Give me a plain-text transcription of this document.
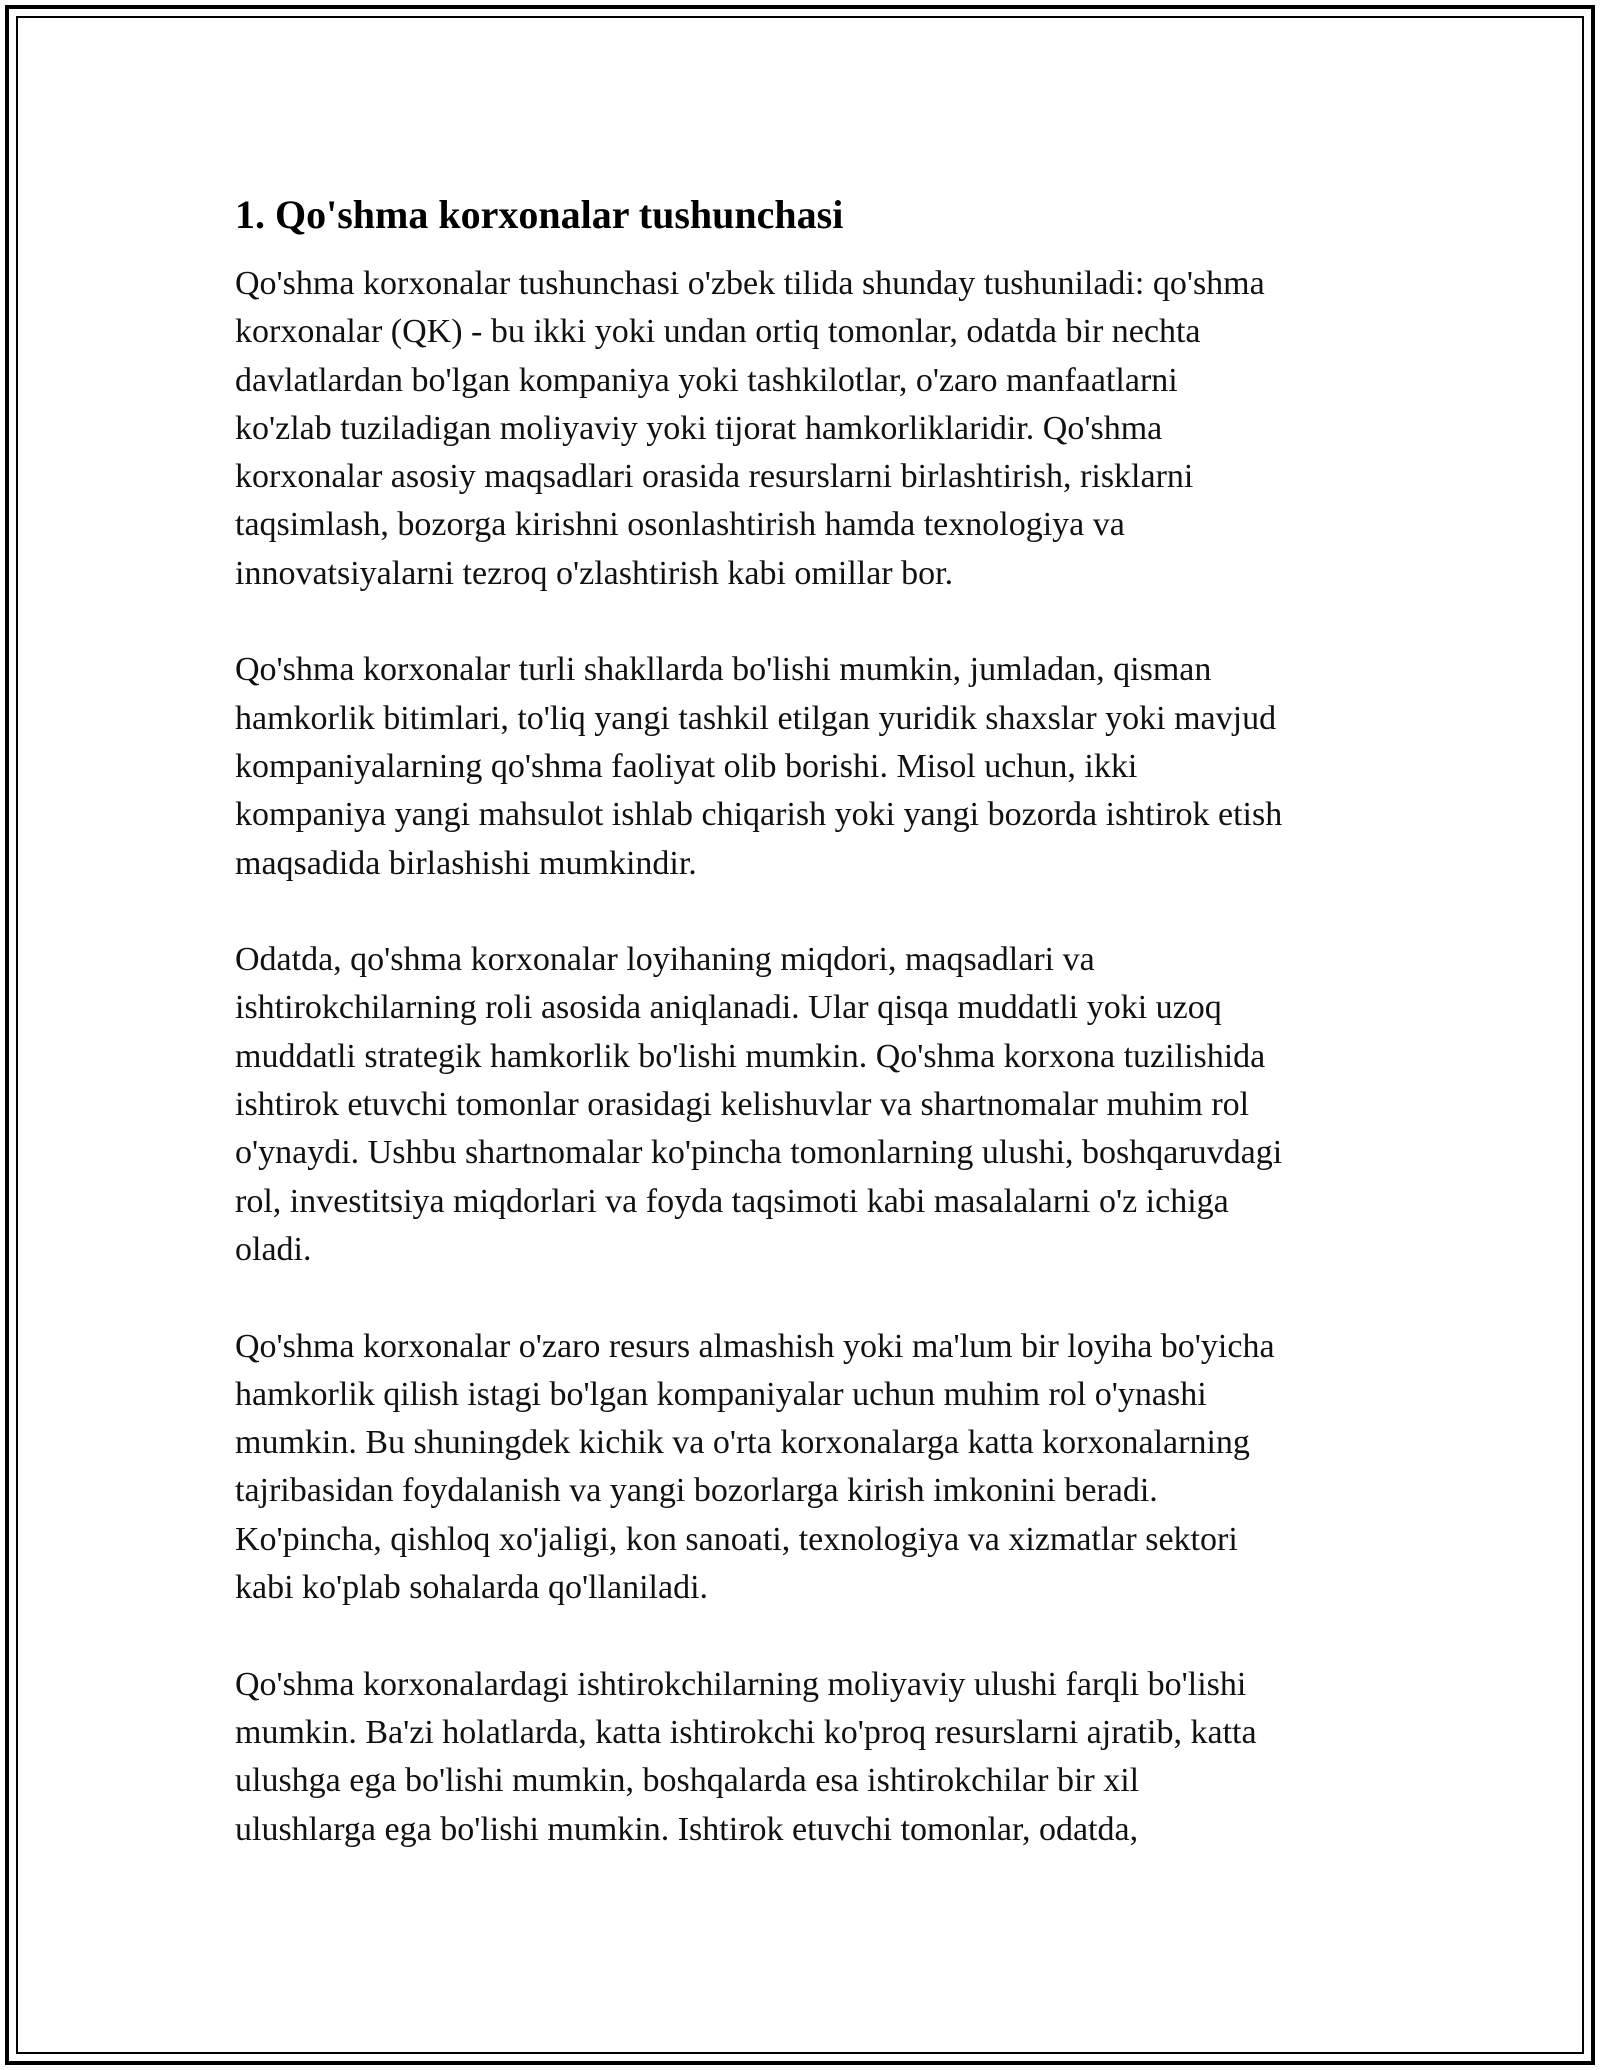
1. Qo'shma korxonalar tushunchasi

Qo'shma korxonalar tushunchasi o'zbek tilida shunday tushuniladi: qo'shma
korxonalar (QK) - bu ikki yoki undan ortiq tomonlar, odatda bir nechta
davlatlardan bo'lgan kompaniya yoki tashkilotlar, o'zaro manfaatlarni
ko'zlab tuziladigan moliyaviy yoki tijorat hamkorliklaridir. Qo'shma
korxonalar asosiy maqsadlari orasida resurslarni birlashtirish, risklarni
taqsimlash, bozorga kirishni osonlashtirish hamda texnologiya va
innovatsiyalarni tezroq o'zlashtirish kabi omillar bor.

Qo'shma korxonalar turli shakllarda bo'lishi mumkin, jumladan, qisman
hamkorlik bitimlari, to'liq yangi tashkil etilgan yuridik shaxslar yoki mavjud
kompaniyalarning qo'shma faoliyat olib borishi. Misol uchun, ikki
kompaniya yangi mahsulot ishlab chiqarish yoki yangi bozorda ishtirok etish
maqsadida birlashishi mumkindir.

Odatda, qo'shma korxonalar loyihaning miqdori, maqsadlari va
ishtirokchilarning roli asosida aniqlanadi. Ular qisqa muddatli yoki uzoq
muddatli strategik hamkorlik bo'lishi mumkin. Qo'shma korxona tuzilishida
ishtirok etuvchi tomonlar orasidagi kelishuvlar va shartnomalar muhim rol
o'ynaydi. Ushbu shartnomalar ko'pincha tomonlarning ulushi, boshqaruvdagi
rol, investitsiya miqdorlari va foyda taqsimoti kabi masalalarni o'z ichiga
oladi.

Qo'shma korxonalar o'zaro resurs almashish yoki ma'lum bir loyiha bo'yicha
hamkorlik qilish istagi bo'lgan kompaniyalar uchun muhim rol o'ynashi
mumkin. Bu shuningdek kichik va o'rta korxonalarga katta korxonalarning
tajribasidan foydalanish va yangi bozorlarga kirish imkonini beradi.
Ko'pincha, qishloq xo'jaligi, kon sanoati, texnologiya va xizmatlar sektori
kabi ko'plab sohalarda qo'llaniladi.

Qo'shma korxonalardagi ishtirokchilarning moliyaviy ulushi farqli bo'lishi
mumkin. Ba'zi holatlarda, katta ishtirokchi ko'proq resurslarni ajratib, katta
ulushga ega bo'lishi mumkin, boshqalarda esa ishtirokchilar bir xil
ulushlarga ega bo'lishi mumkin. Ishtirok etuvchi tomonlar, odatda,
